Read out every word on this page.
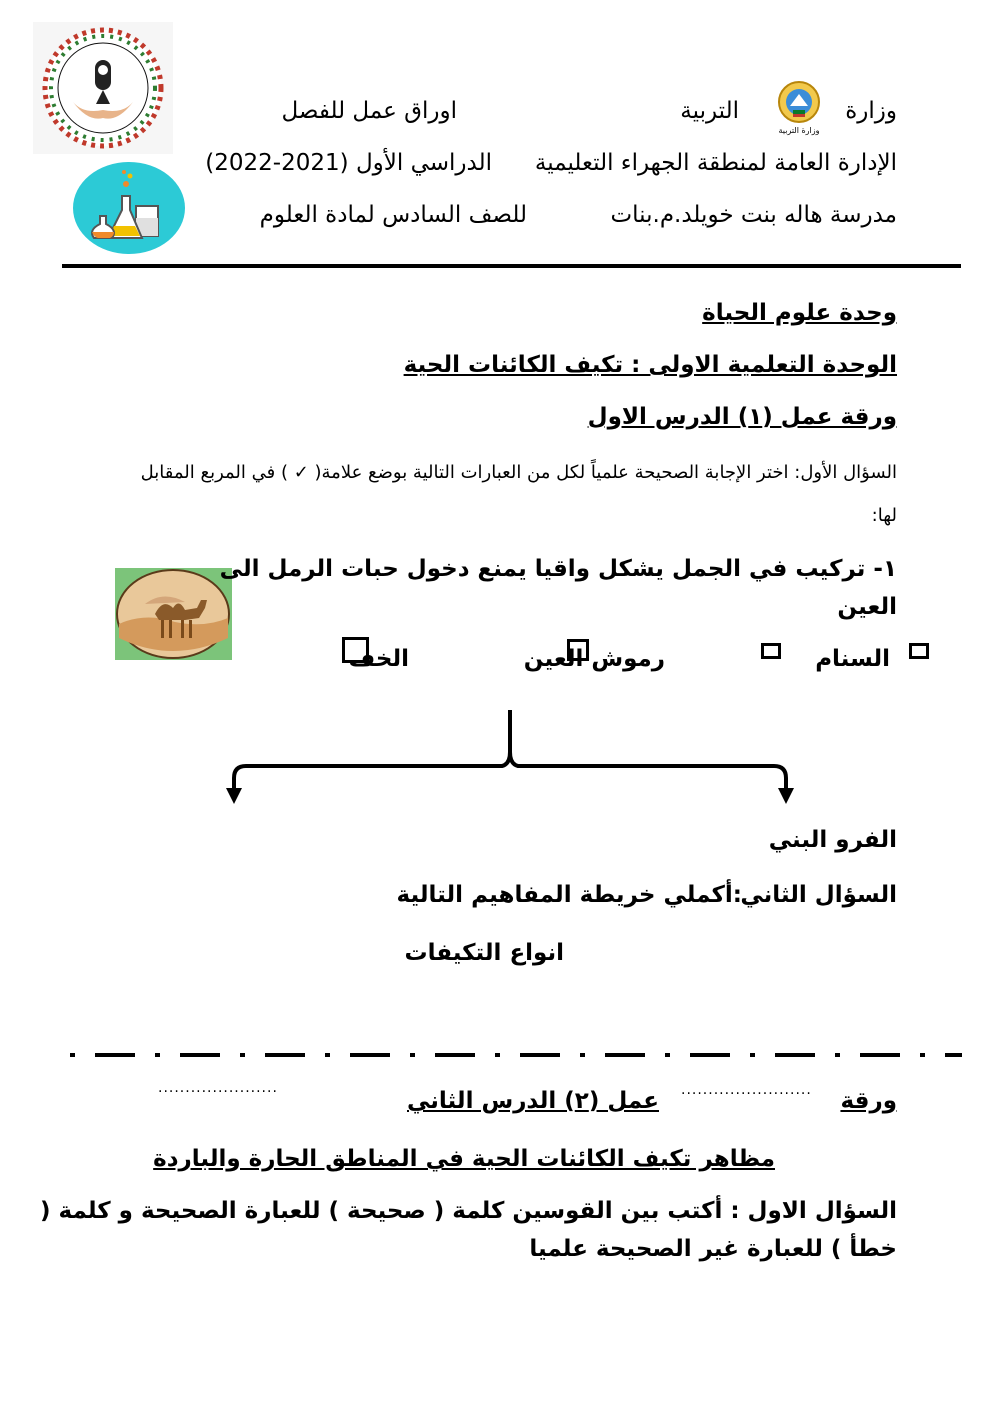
وزارة التربية
وزارة
التربية
اوراق عمل للفصل
الإدارة العامة لمنطقة الجهراء التعليمية
الدراسي الأول (2021-2022)
مدرسة هاله بنت خويلد.م.بنات
للصف السادس لمادة العلوم
وحدة علوم الحياة
الوحدة التعلمية الاولى : تكيف الكائنات الحية
ورقة عمل (١) الدرس الاول
السؤال الأول: اختر الإجابة الصحيحة علمياً لكل من العبارات التالية بوضع علامة( ✓ ) في المربع المقابل
لها:
١- تركيب في الجمل يشكل واقيا يمنع دخول حبات الرمل الى
العين
السنام
رموش العين
الخف
الفرو البني
السؤال الثاني
:أكملي خريطة المفاهيم التالية
انواع التكيفات
ورقة
........................
عمل (٢) الدرس الثاني
......................
مظاهر تكيف الكائنات الحية في المناطق الحارة والباردة
السؤال الاول : أكتب بين القوسين كلمة ( صحيحة ) للعبارة الصحيحة و كلمة (
خطأ ) للعبارة غير الصحيحة علميا
